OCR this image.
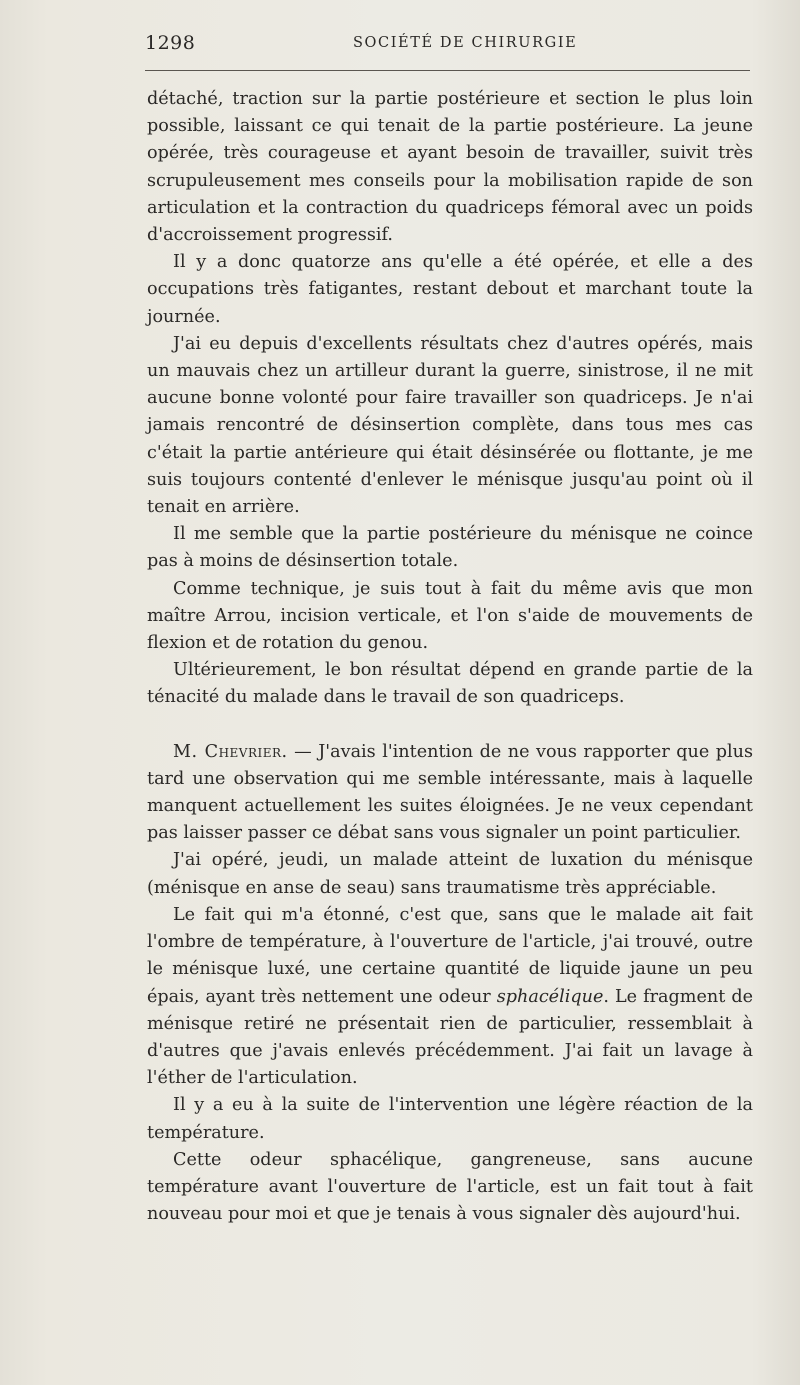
1298	SOCIÉTÉ DE CHIRURGIE

détaché, traction sur la partie postérieure et section le plus loin possible, laissant ce qui tenait de la partie postérieure. La jeune opérée, très courageuse et ayant besoin de travailler, suivit très scrupuleusement mes conseils pour la mobilisation rapide de son articulation et la contraction du quadriceps fémoral avec un poids d'accroissement progressif.

Il y a donc quatorze ans qu'elle a été opérée, et elle a des occupations très fatigantes, restant debout et marchant toute la journée.

J'ai eu depuis d'excellents résultats chez d'autres opérés, mais un mauvais chez un artilleur durant la guerre, sinistrose, il ne mit aucune bonne volonté pour faire travailler son quadriceps. Je n'ai jamais rencontré de désinsertion complète, dans tous mes cas c'était la partie antérieure qui était désinsérée ou flottante, je me suis toujours contenté d'enlever le ménisque jusqu'au point où il tenait en arrière.

Il me semble que la partie postérieure du ménisque ne coince pas à moins de désinsertion totale.

Comme technique, je suis tout à fait du même avis que mon maître Arrou, incision verticale, et l'on s'aide de mouvements de flexion et de rotation du genou.

Ultérieurement, le bon résultat dépend en grande partie de la ténacité du malade dans le travail de son quadriceps.

M. Chevrier. — J'avais l'intention de ne vous rapporter que plus tard une observation qui me semble intéressante, mais à laquelle manquent actuellement les suites éloignées. Je ne veux cependant pas laisser passer ce débat sans vous signaler un point particulier.

J'ai opéré, jeudi, un malade atteint de luxation du ménisque (ménisque en anse de seau) sans traumatisme très appréciable.

Le fait qui m'a étonné, c'est que, sans que le malade ait fait l'ombre de température, à l'ouverture de l'article, j'ai trouvé, outre le ménisque luxé, une certaine quantité de liquide jaune un peu épais, ayant très nettement une odeur sphacélique. Le fragment de ménisque retiré ne présentait rien de particulier, ressemblait à d'autres que j'avais enlevés précédemment. J'ai fait un lavage à l'éther de l'articulation.

Il y a eu à la suite de l'intervention une légère réaction de la température.

Cette odeur sphacélique, gangreneuse, sans aucune température avant l'ouverture de l'article, est un fait tout à fait nouveau pour moi et que je tenais à vous signaler dès aujourd'hui.
